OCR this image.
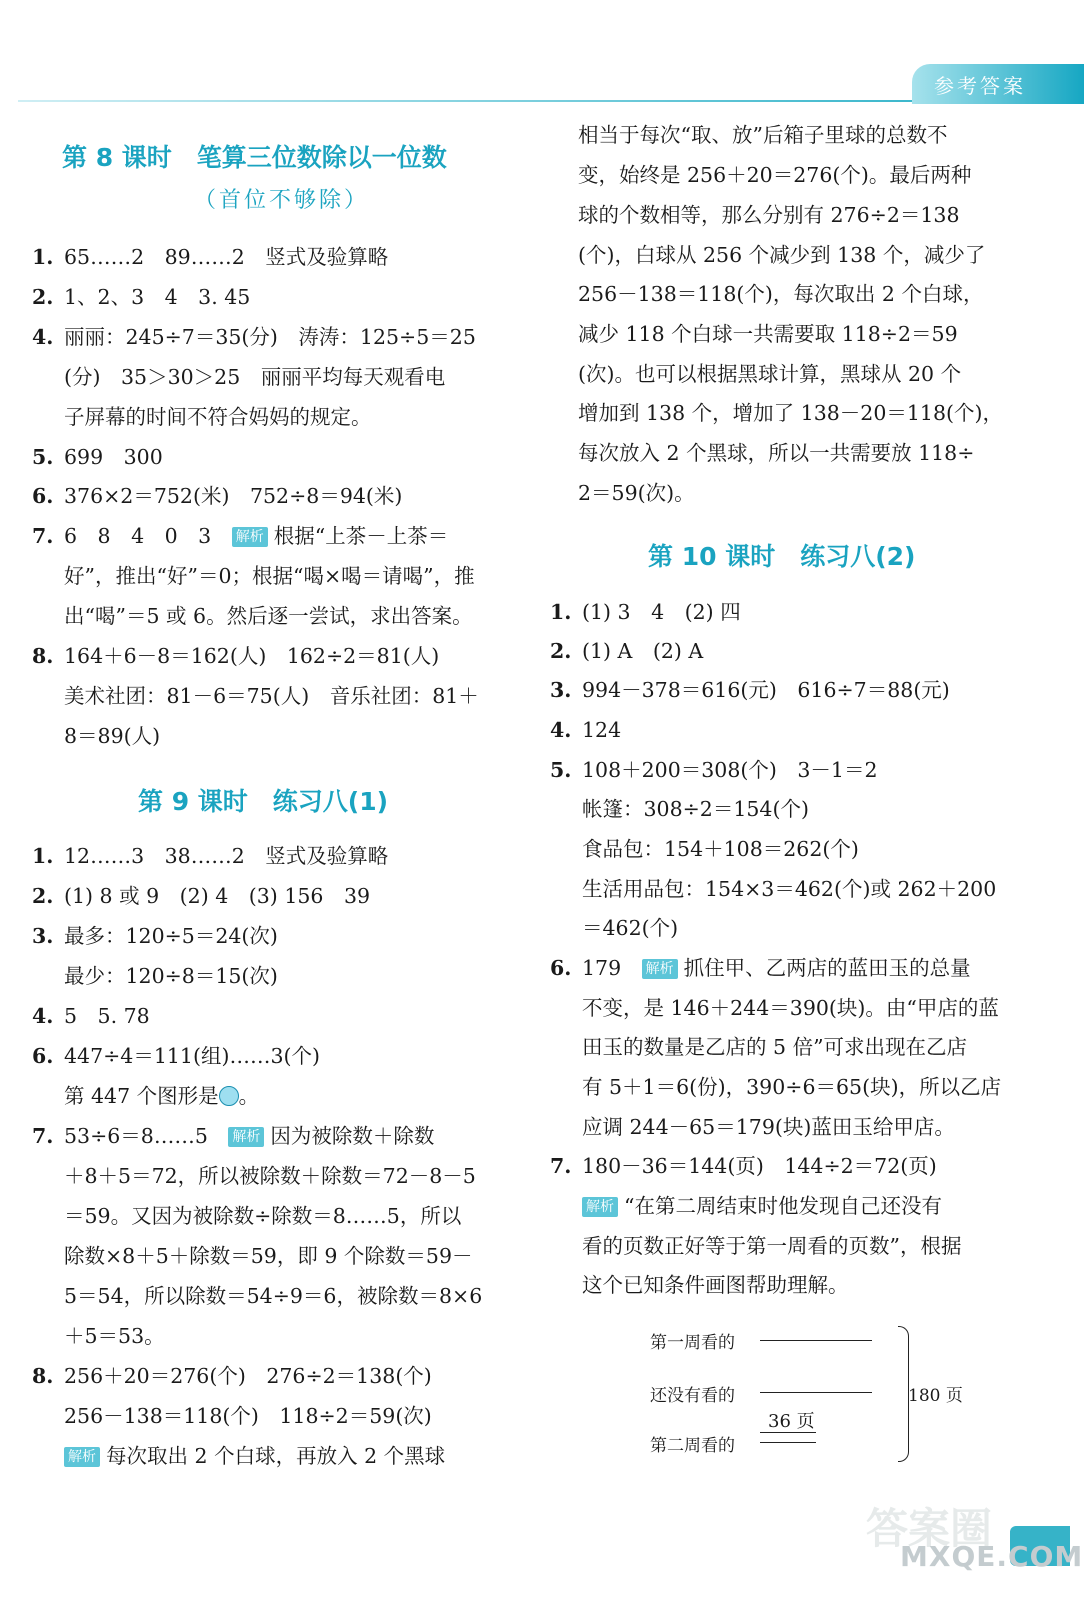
参考答案
第 8 课时　笔算三位数除以一位数
（首位不够除）
1. 65……2　89……2　竖式及验算略
2. 1、2、3　4　3. 45
4. 丽丽：245÷7＝35(分)　涛涛：125÷5＝25
(分)　35＞30＞25　丽丽平均每天观看电
子屏幕的时间不符合妈妈的规定。
5. 699　300
6. 376×2＝752(米)　752÷8＝94(米)
7. 6　8　4　0　3　 解析 根据“上茶－上茶＝
好”，推出“好”＝0；根据“喝×喝＝请喝”，推
出“喝”＝5 或 6。然后逐一尝试，求出答案。
8. 164＋6－8＝162(人)　162÷2＝81(人)
美术社团：81－6＝75(人)　音乐社团：81＋
8＝89(人)
第 9 课时　练习八(1)
1. 12……3　38……2　竖式及验算略
2. (1) 8 或 9　(2) 4　(3) 156　39
3. 最多：120÷5＝24(次)
最少：120÷8＝15(次)
4. 5　5. 78
6. 447÷4＝111(组)……3(个)
第 447 个图形是 。
7. 53÷6＝8……5　 解析 因为被除数＋除数
＋8＋5＝72，所以被除数＋除数＝72－8－5
＝59。又因为被除数÷除数＝8……5，所以
除数×8＋5＋除数＝59，即 9 个除数＝59－
5＝54，所以除数＝54÷9＝6，被除数＝8×6
＋5＝53。
8. 256＋20＝276(个)　276÷2＝138(个)
256－138＝118(个)　118÷2＝59(次)
解析 每次取出 2 个白球，再放入 2 个黑球
相当于每次“取、放”后箱子里球的总数不
变，始终是 256＋20＝276(个)。最后两种
球的个数相等，那么分别有 276÷2＝138
(个)，白球从 256 个减少到 138 个，减少了
256－138＝118(个)，每次取出 2 个白球，
减少 118 个白球一共需要取 118÷2＝59
(次)。也可以根据黑球计算，黑球从 20 个
增加到 138 个，增加了 138－20＝118(个)，
每次放入 2 个黑球，所以一共需要放 118÷
2＝59(次)。
第 10 课时　练习八(2)
1. (1) 3　4　(2) 四
2. (1) A　(2) A
3. 994－378＝616(元)　616÷7＝88(元)
4. 124
5. 108＋200＝308(个)　3－1＝2
帐篷：308÷2＝154(个)
食品包：154＋108＝262(个)
生活用品包：154×3＝462(个)或 262＋200
＝462(个)
6. 179　 解析 抓住甲、乙两店的蓝田玉的总量
不变，是 146＋244＝390(块)。由“甲店的蓝
田玉的数量是乙店的 5 倍”可求出现在乙店
有 5＋1＝6(份)，390÷6＝65(块)，所以乙店
应调 244－65＝179(块)蓝田玉给甲店。
7. 180－36＝144(页)　144÷2＝72(页)
解析 “在第二周结束时他发现自己还没有
看的页数正好等于第一周看的页数”，根据
这个已知条件画图帮助理解。
第一周看的
还没有看的
36 页
第二周看的
180 页
答案圈
MXQE.COM
